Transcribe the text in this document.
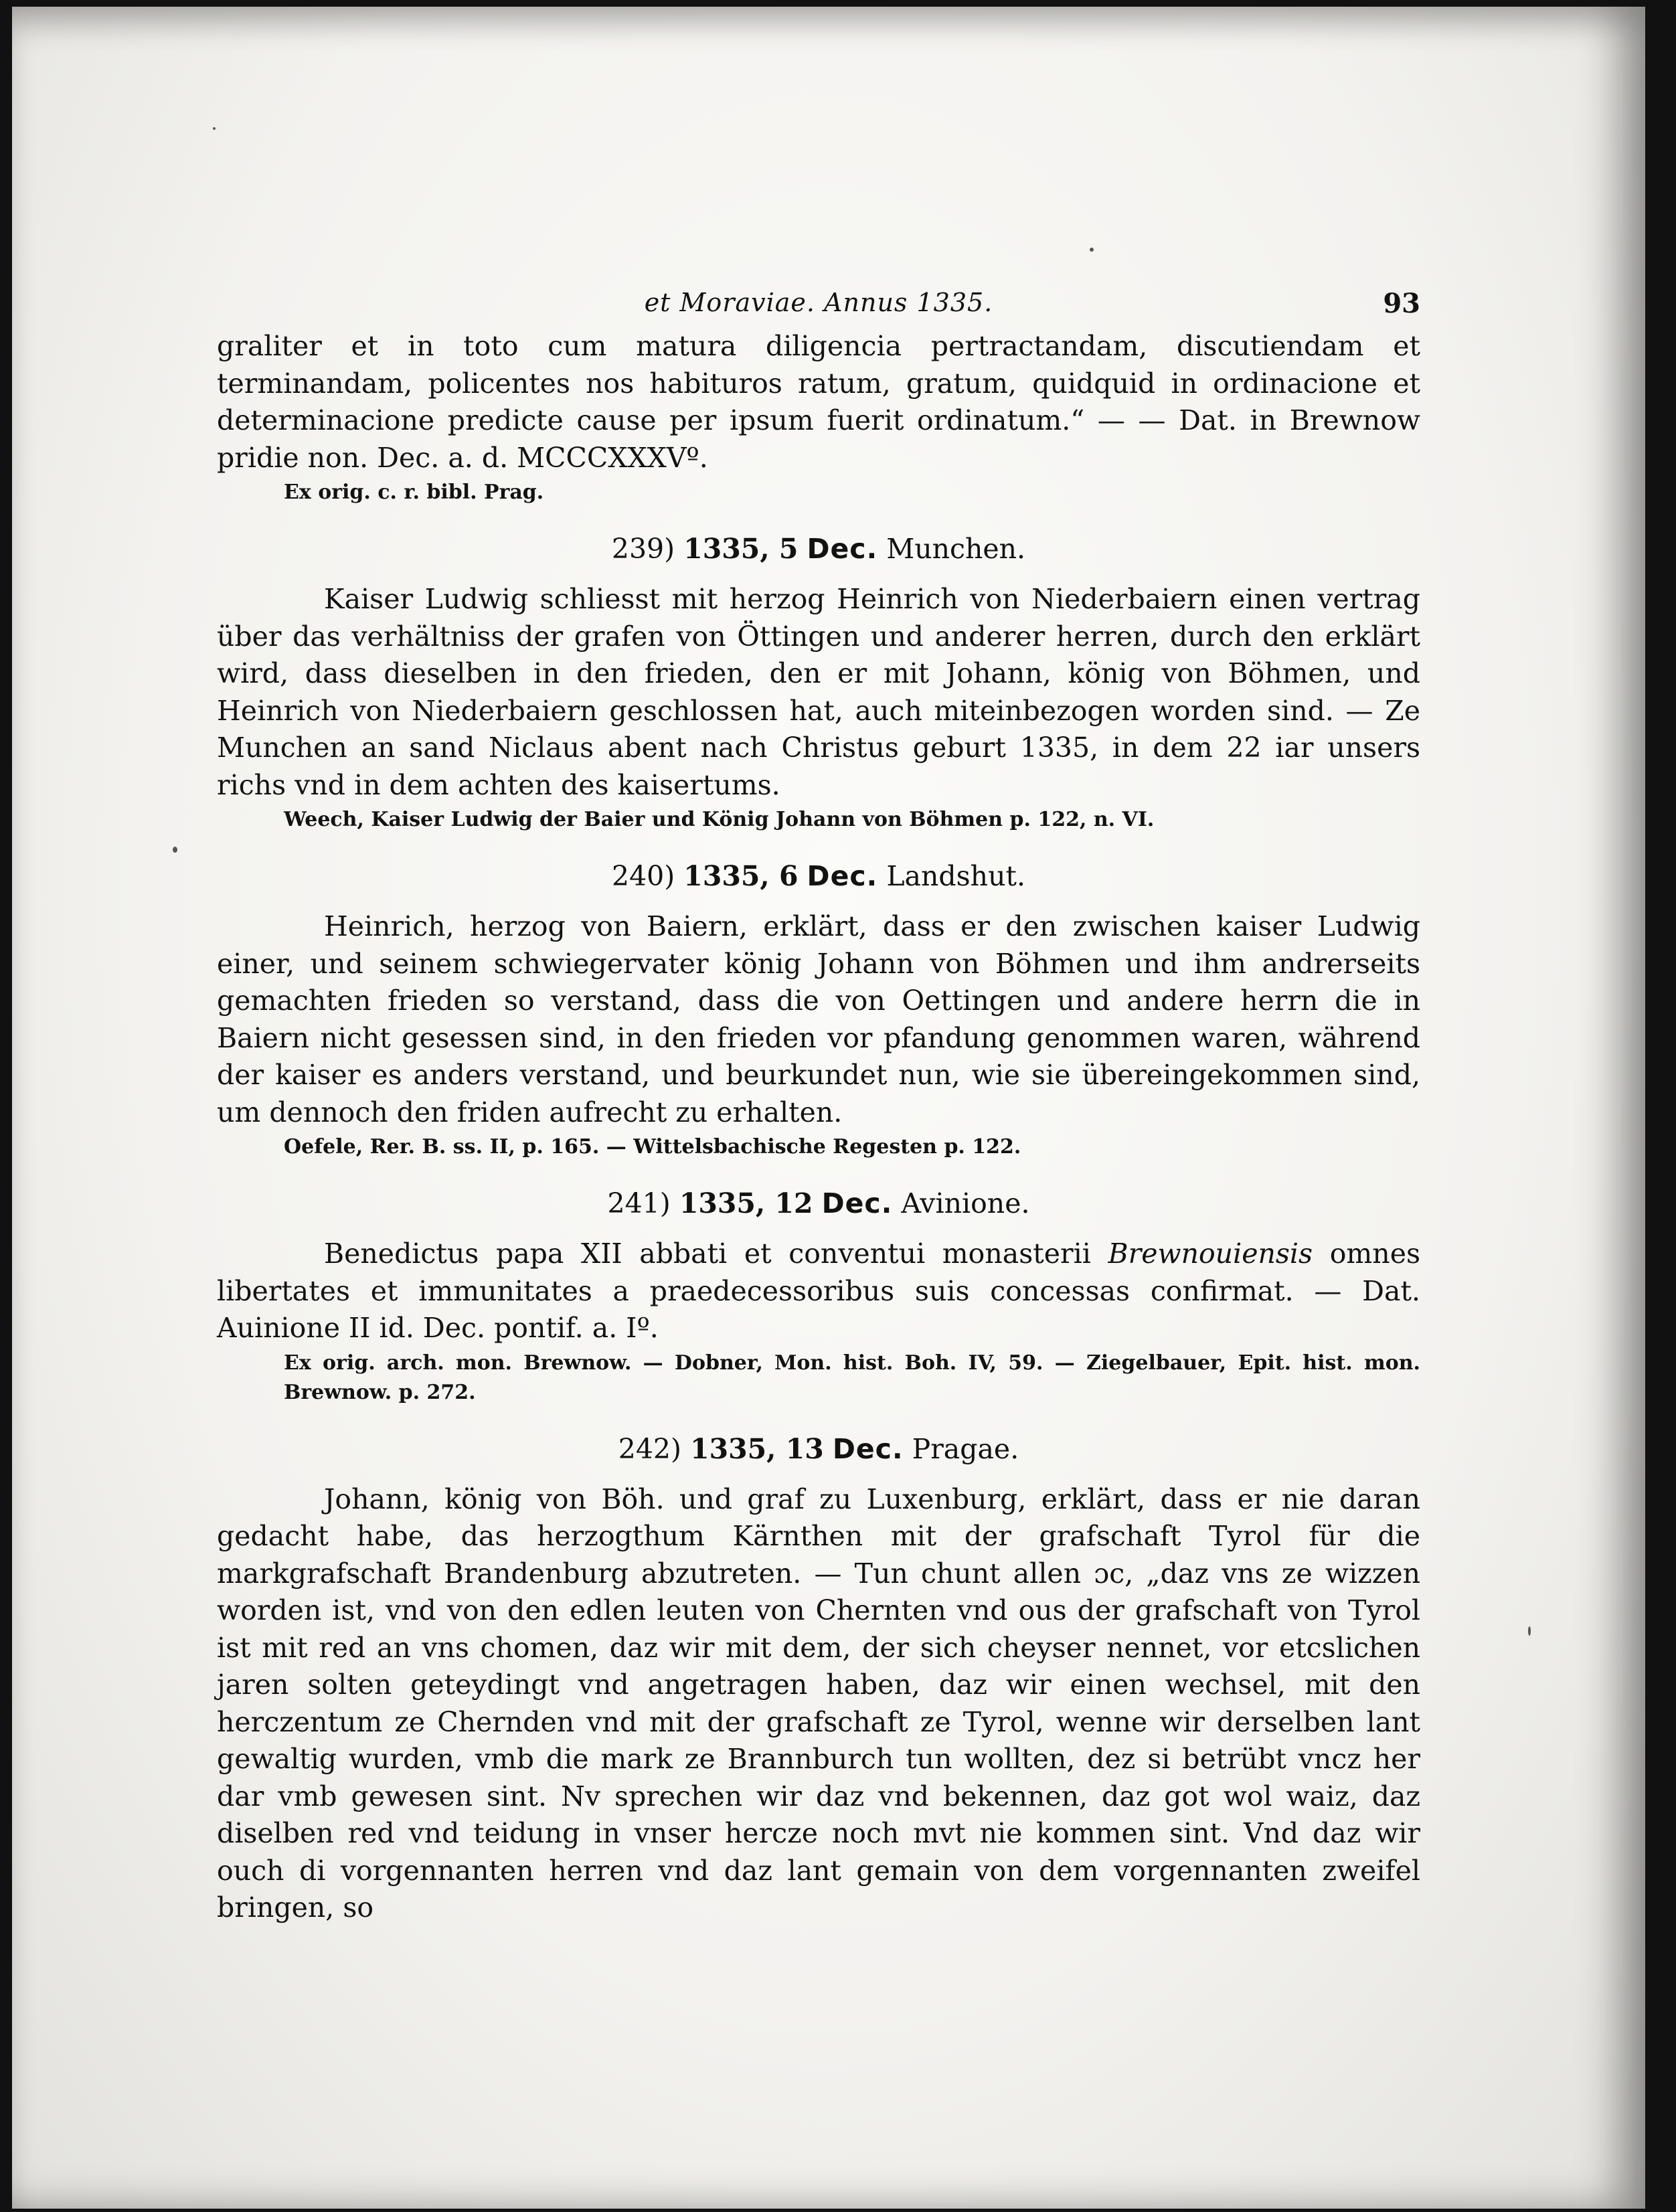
et Moraviae. Annus 1335.	93

graliter et in toto cum matura diligencia pertractandam, discutiendam et terminandam, policentes nos habituros ratum, gratum, quidquid in ordinacione et determinacione predicte cause per ipsum fuerit ordinatum.“ — — Dat. in Brewnow pridie non. Dec. a. d. MCCCXXXVº.

Ex orig. c. r. bibl. Prag.
239) 1335, 5 Dec. Munchen.

Kaiser Ludwig schliesst mit herzog Heinrich von Niederbaiern einen vertrag über das verhältniss der grafen von Öttingen und anderer herren, durch den erklärt wird, dass dieselben in den frieden, den er mit Johann, könig von Böhmen, und Heinrich von Niederbaiern geschlossen hat, auch miteinbezogen worden sind. — Ze Munchen an sand Niclaus abent nach Christus geburt 1335, in dem 22 iar unsers richs vnd in dem achten des kaisertums.

Weech, Kaiser Ludwig der Baier und König Johann von Böhmen p. 122, n. VI.
240) 1335, 6 Dec. Landshut.

Heinrich, herzog von Baiern, erklärt, dass er den zwischen kaiser Ludwig einer, und seinem schwiegervater könig Johann von Böhmen und ihm andrerseits gemachten frieden so verstand, dass die von Oettingen und andere herrn die in Baiern nicht gesessen sind, in den frieden vor pfandung genommen waren, während der kaiser es anders verstand, und beurkundet nun, wie sie übereingekommen sind, um dennoch den friden aufrecht zu erhalten.

Oefele, Rer. B. ss. II, p. 165. — Wittelsbachische Regesten p. 122.
241) 1335, 12 Dec. Avinione.

Benedictus papa XII abbati et conventui monasterii Brewnouiensis omnes libertates et immunitates a praedecessoribus suis concessas confirmat. — Dat. Auinione II id. Dec. pontif. a. Iº.

Ex orig. arch. mon. Brewnow. — Dobner, Mon. hist. Boh. IV, 59. — Ziegelbauer, Epit. hist. mon. Brewnow. p. 272.
242) 1335, 13 Dec. Pragae.

Johann, könig von Böh. und graf zu Luxenburg, erklärt, dass er nie daran gedacht habe, das herzogthum Kärnthen mit der grafschaft Tyrol für die markgrafschaft Brandenburg abzutreten. — Tun chunt allen ɔc, „daz vns ze wizzen worden ist, vnd von den edlen leuten von Chernten vnd ous der grafschaft von Tyrol ist mit red an vns chomen, daz wir mit dem, der sich cheyser nennet, vor etcslichen jaren solten geteydingt vnd angetragen haben, daz wir einen wechsel, mit den herczentum ze Chernden vnd mit der grafschaft ze Tyrol, wenne wir derselben lant gewaltig wurden, vmb die mark ze Brannburch tun wollten, dez si betrübt vncz her dar vmb gewesen sint. Nv sprechen wir daz vnd bekennen, daz got wol waiz, daz diselben red vnd teidung in vnser hercze noch mvt nie kommen sint. Vnd daz wir ouch di vorgennanten herren vnd daz lant gemain von dem vorgennanten zweifel bringen, so
